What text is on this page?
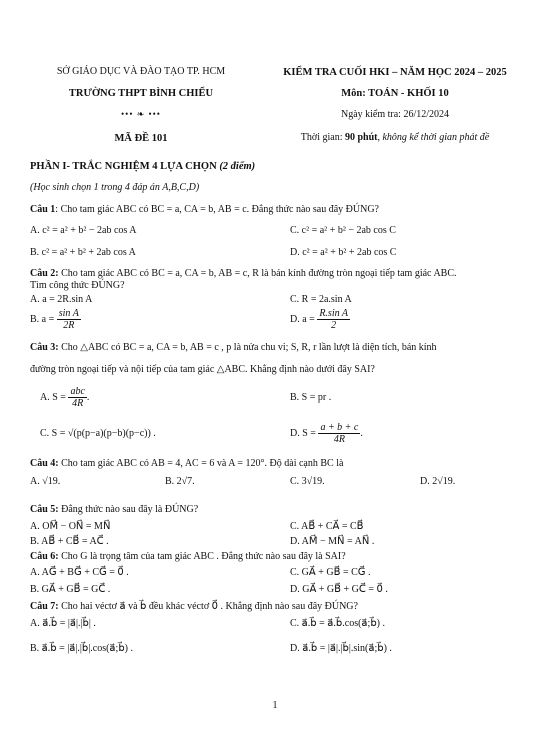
SỞ GIÁO DỤC VÀ ĐÀO TẠO TP. HCM
TRƯỜNG THPT BÌNH CHIỂU
••• ❧ •••
MÃ ĐỀ 101
KIỂM TRA CUỐI HKI – NĂM HỌC 2024 – 2025
Môn: TOÁN - KHỐI 10
Ngày kiểm tra: 26/12/2024
Thời gian: 90 phút, không kể thời gian phát đề
PHẦN I- TRẮC NGHIỆM 4 LỰA CHỌN (2 điểm)
(Học sinh chọn 1 trong 4 đáp án A,B,C,D)
Câu 1: Cho tam giác ABC có BC = a, CA = b, AB = c. Đẳng thức nào sau đây ĐÚNG?
A. c² = a² + b² − 2ab cos A	C. c² = a² + b² − 2ab cos C
B. c² = a² + b² + 2ab cos A	D. c² = a² + b² + 2ab cos C
Câu 2: Cho tam giác ABC có BC = a, CA = b, AB = c, R là bán kính đường tròn ngoại tiếp tam giác ABC.
Tìm công thức ĐÚNG?
A. a = 2R.sin A	C. R = 2a.sin A
B. $a = \frac{\text{sin A}}{2R}$	D. $a = \frac{\text{R.sin A}}{2}$
Câu 3: Cho △ABC có BC = a, CA = b, AB = c , p là nửa chu vi; S, R, r lần lượt là diện tích, bán kính
đường tròn ngoại tiếp và nội tiếp của tam giác △ABC. Khẳng định nào dưới đây SAI?
A. $S = \frac{\text{abc}}{4R}$ .	B. S = pr .
C. S = √(p(p−a)(p−b)(p−c)) .	D. $S = \frac{a + b + c}{4R}$ .
Câu 4: Cho tam giác ABC có AB = 4, AC = 6 và A = 120°. Độ dài cạnh BC là
A. √19.	B. 2√7.	C. 3√19.	D. 2√19.
Câu 5: Đẳng thức nào sau đây là ĐÚNG?
A. OM⃗ − ON⃗ = MN⃗	C. AB⃗ + CA⃗ = CB⃗
B. AB⃗ + CB⃗ = AC⃗ .	D. AM⃗ − MN⃗ = AN⃗ .
Câu 6: Cho G là trọng tâm của tam giác ABC . Đẳng thức nào sau đây là SAI?
A. AG⃗ + BG⃗ + CG⃗ = 0⃗ .	C. GA⃗ + GB⃗ = CG⃗ .
B. GA⃗ + GB⃗ = GC⃗ .	D. GA⃗ + GB⃗ + GC⃗ = 0⃗ .
Câu 7: Cho hai véctơ a⃗ và b⃗ đều khác véctơ 0⃗ . Khẳng định nào sau đây ĐÚNG?
A. a⃗.b⃗ = |a⃗|.|b⃗| .	C. a⃗.b⃗ = a⃗.b⃗.cos(a⃗;b⃗) .
B. a⃗.b⃗ = |a⃗|.|b⃗|.cos(a⃗;b⃗) .	D. a⃗.b⃗ = |a⃗|.|b⃗|.sin(a⃗;b⃗) .
1
